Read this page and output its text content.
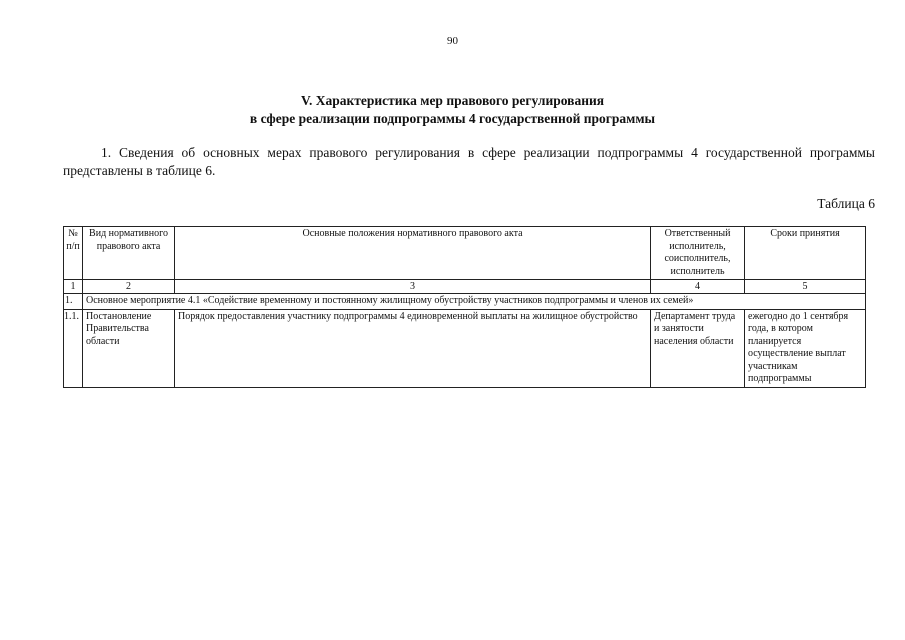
90
V. Характеристика мер правового регулирования
в сфере реализации подпрограммы 4 государственной программы

1. Сведения об основных мерах правового регулирования в сфере реализации подпрограммы 4 государственной программы представлены в таблице 6.

Таблица 6
№ п/п	Вид нормативного правового акта	Основные положения нормативного правового акта	Ответственный исполнитель, соисполнитель, исполнитель	Сроки принятия
1	2	3	4	5
1.	Основное мероприятие 4.1 «Содействие временному и постоянному жилищному обустройству участников подпрограммы и членов их семей»			
1.1.	Постановление Правительства области	Порядок предоставления участнику подпрограммы 4 единовременной выплаты на жилищное обустройство	Департамент труда и занятости населения области	ежегодно до 1 сентября года, в котором планируется осуществление выплат участникам подпрограммы
